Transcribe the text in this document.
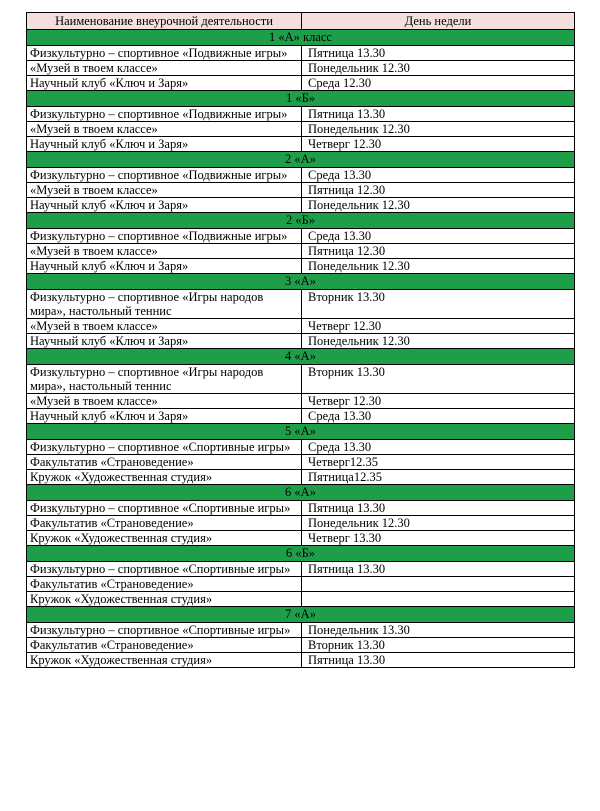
Наименование внеурочной деятельности	День недели
1 «А» класс	
Физкультурно – спортивное «Подвижные игры»	Пятница 13.30
«Музей в твоем классе»	Понедельник 12.30
Научный клуб «Ключ и Заря»	Среда 12.30
1 «Б»	
Физкультурно – спортивное «Подвижные игры»	Пятница 13.30
«Музей в твоем классе»	Понедельник 12.30
Научный клуб «Ключ и Заря»	Четверг 12.30
2 «А»	
Физкультурно – спортивное «Подвижные игры»	Среда 13.30
«Музей в твоем классе»	Пятница 12.30
Научный клуб «Ключ и Заря»	Понедельник 12.30
2 «Б»	
Физкультурно – спортивное «Подвижные игры»	Среда 13.30
«Музей в твоем классе»	Пятница 12.30
Научный клуб «Ключ и Заря»	Понедельник 12.30
3 «А»	
Физкультурно – спортивное «Игры народов мира», настольный теннис	Вторник 13.30
«Музей в твоем классе»	Четверг 12.30
Научный клуб «Ключ и Заря»	Понедельник 12.30
4 «А»	
Физкультурно – спортивное «Игры народов мира», настольный теннис	Вторник 13.30
«Музей в твоем классе»	Четверг 12.30
Научный клуб «Ключ и Заря»	Среда 13.30
5 «А»	
Физкультурно – спортивное «Спортивные игры»	Среда 13.30
Факультатив «Страноведение»	Четверг12.35
Кружок «Художественная студия»	Пятница12.35
6 «А»	
Физкультурно – спортивное «Спортивные игры»	Пятница 13.30
Факультатив «Страноведение»	Понедельник 12.30
Кружок «Художественная студия»	Четверг 13.30
6 «Б»	
Физкультурно – спортивное «Спортивные игры»	Пятница 13.30
Факультатив «Страноведение»	
Кружок «Художественная студия»	
7 «А»	
Физкультурно – спортивное «Спортивные игры»	Понедельник 13.30
Факультатив «Страноведение»	Вторник 13.30
Кружок «Художественная студия»	Пятница 13.30
